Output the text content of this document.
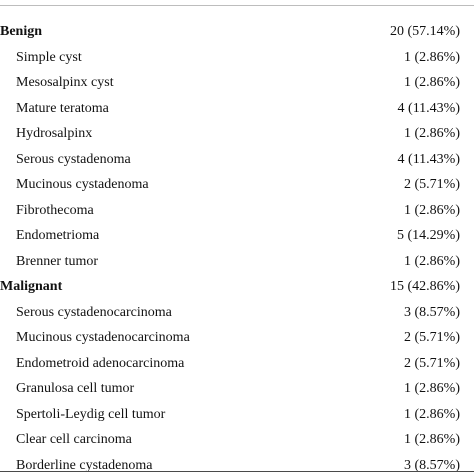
Benign	20 (57.14%)
Simple cyst	1 (2.86%)
Mesosalpinx cyst	1 (2.86%)
Mature teratoma	4 (11.43%)
Hydrosalpinx	1 (2.86%)
Serous cystadenoma	4 (11.43%)
Mucinous cystadenoma	2 (5.71%)
Fibrothecoma	1 (2.86%)
Endometrioma	5 (14.29%)
Brenner tumor	1 (2.86%)
Malignant	15 (42.86%)
Serous cystadenocarcinoma	3 (8.57%)
Mucinous cystadenocarcinoma	2 (5.71%)
Endometroid adenocarcinoma	2 (5.71%)
Granulosa cell tumor	1 (2.86%)
Spertoli-Leydig cell tumor	1 (2.86%)
Clear cell carcinoma	1 (2.86%)
Borderline cystadenoma	3 (8.57%)
